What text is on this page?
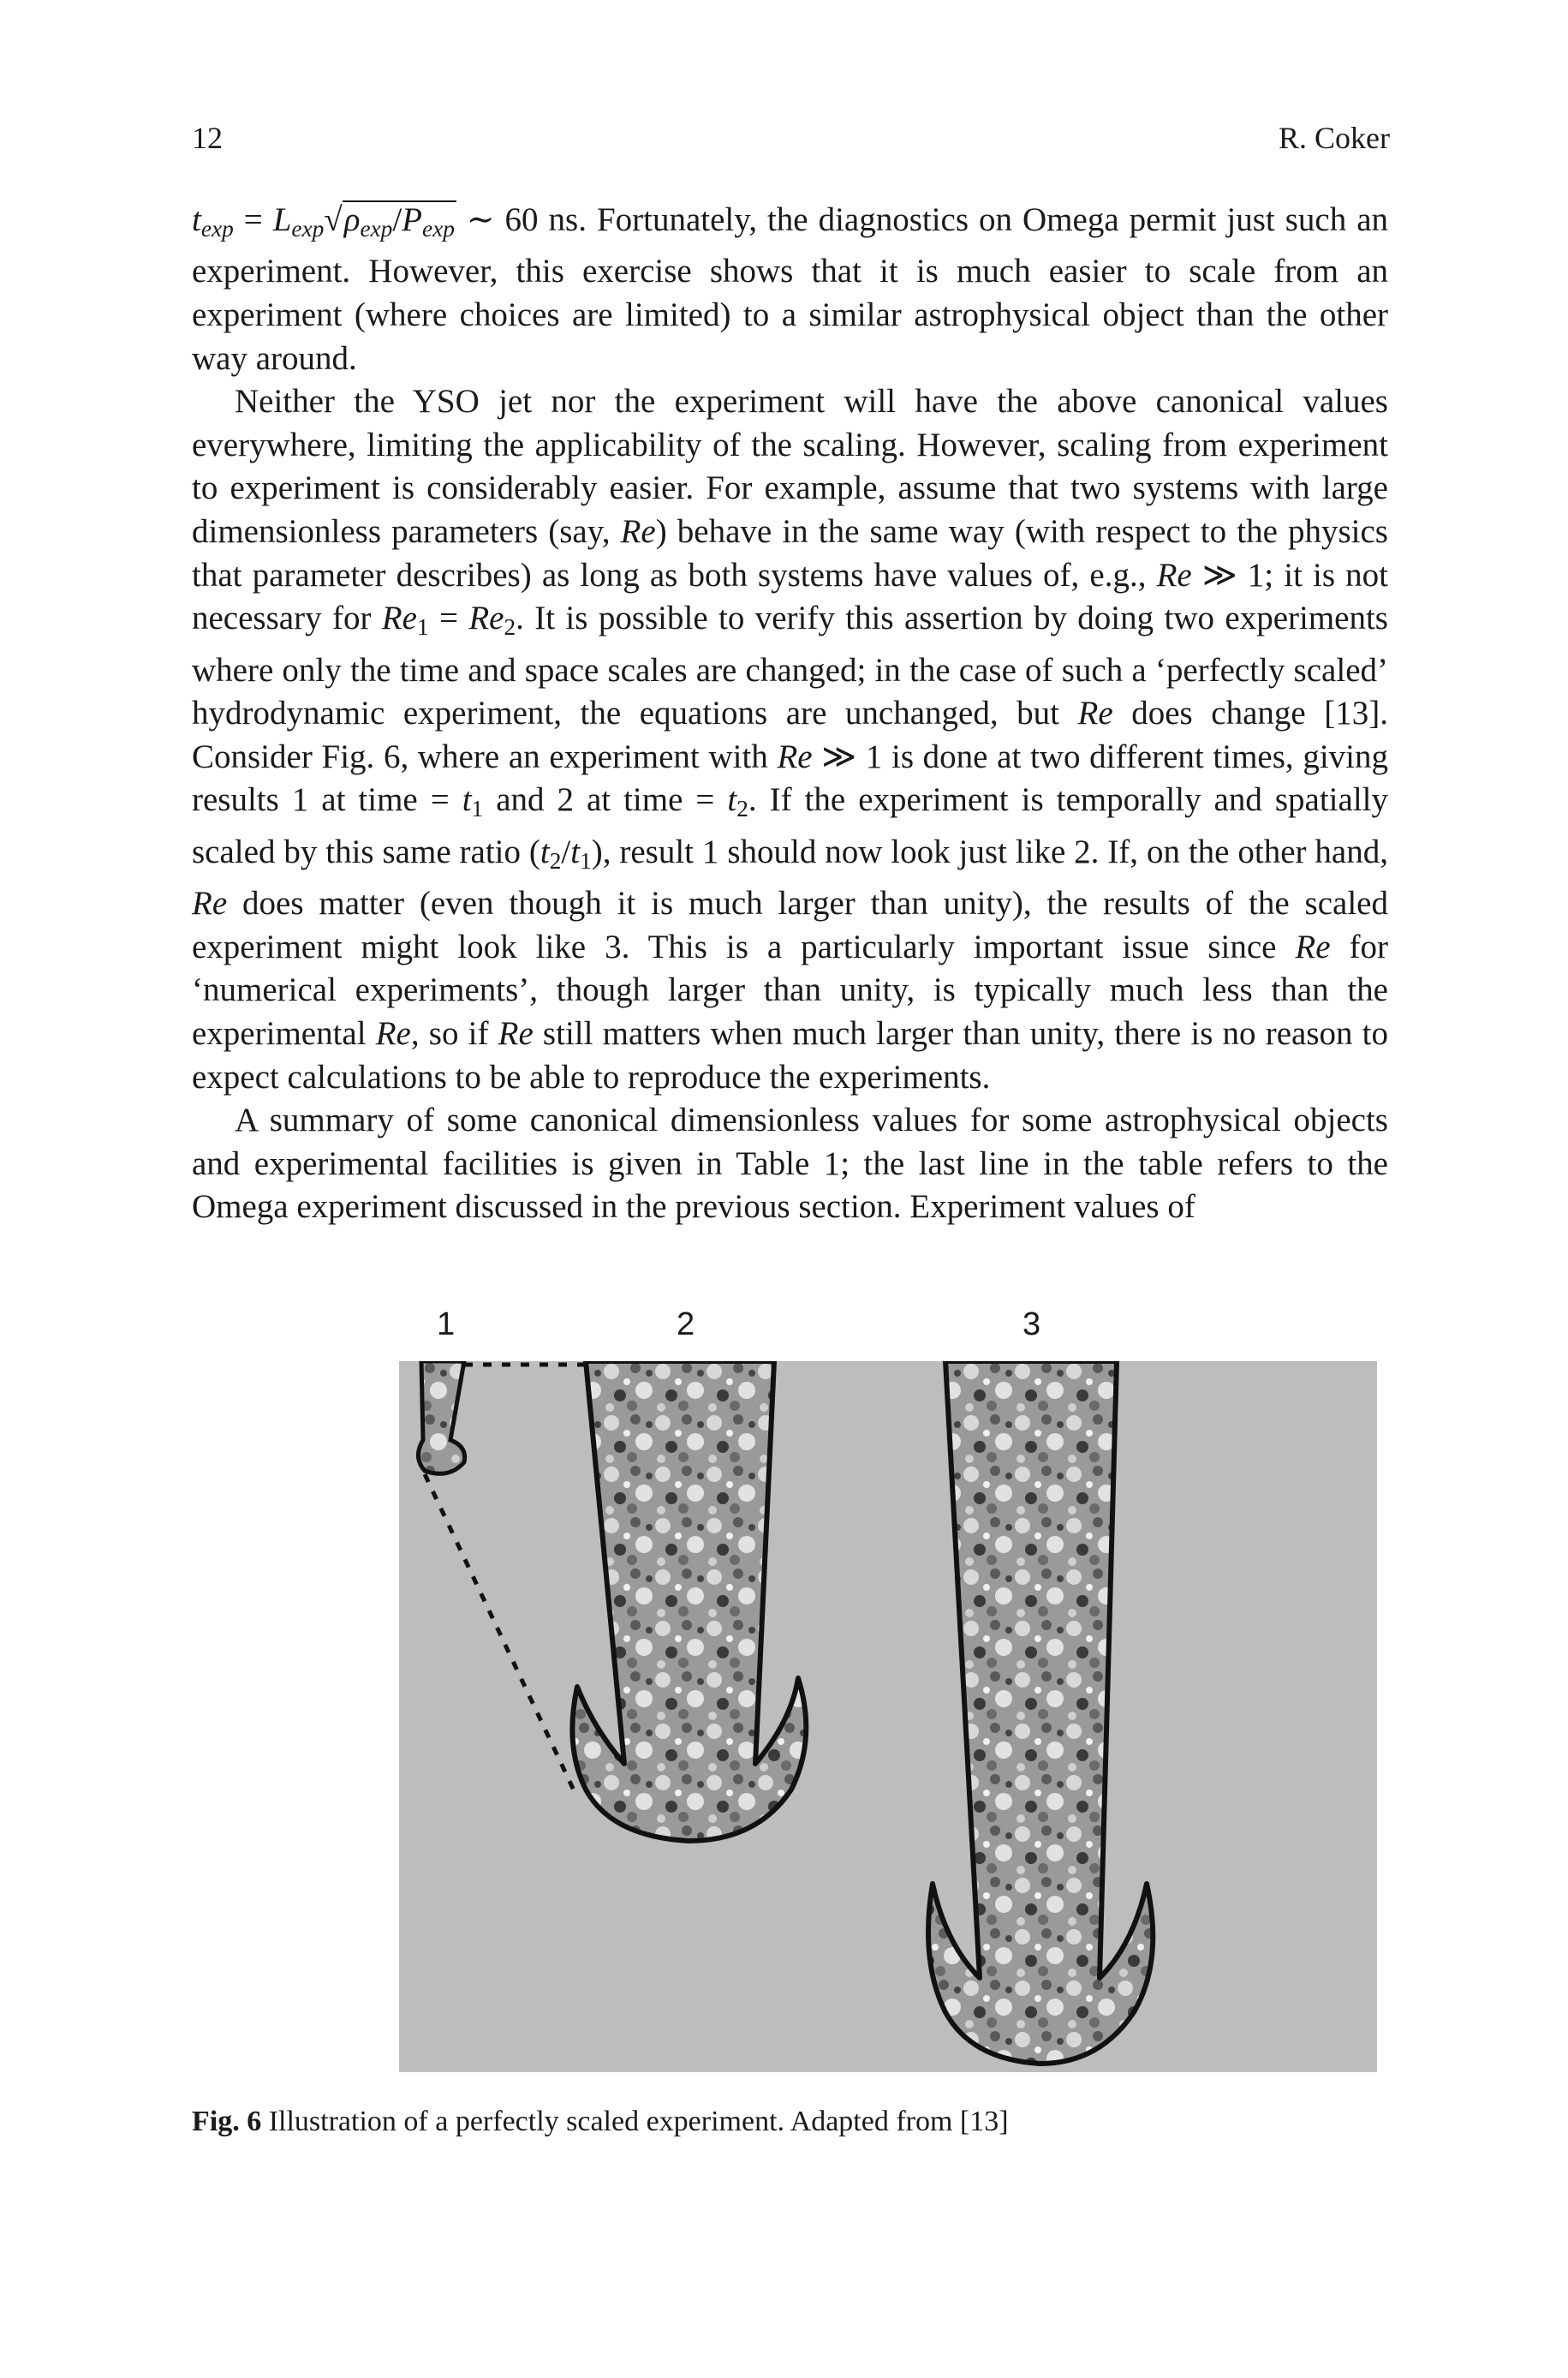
12	R. Coker

$t_{exp} = L_{exp}√\rho_{exp}/P_{exp}$ ∼ 60 ns. Fortunately, the diagnostics on Omega permit just such an experiment. However, this exercise shows that it is much easier to scale from an experiment (where choices are limited) to a similar astrophysical object than the other way around.

Neither the YSO jet nor the experiment will have the above canonical values everywhere, limiting the applicability of the scaling. However, scaling from experiment to experiment is considerably easier. For example, assume that two systems with large dimensionless parameters (say, Re) behave in the same way (with respect to the physics that parameter describes) as long as both systems have values of, e.g., Re ≫ 1; it is not necessary for Re1 = Re2. It is possible to verify this assertion by doing two experiments where only the time and space scales are changed; in the case of such a ‘perfectly scaled’ hydrodynamic experiment, the equations are unchanged, but Re does change [13]. Consider Fig. 6, where an experiment with Re ≫ 1 is done at two different times, giving results 1 at time = t1 and 2 at time = t2. If the experiment is temporally and spatially scaled by this same ratio (t2/t1), result 1 should now look just like 2. If, on the other hand, Re does matter (even though it is much larger than unity), the results of the scaled experiment might look like 3. This is a particularly important issue since Re for ‘numerical experiments’, though larger than unity, is typically much less than the experimental Re, so if Re still matters when much larger than unity, there is no reason to expect calculations to be able to reproduce the experiments.

A summary of some canonical dimensionless values for some astrophysical objects and experimental facilities is given in Table 1; the last line in the table refers to the Omega experiment discussed in the previous section. Experiment values of

1	2	3
Fig. 6 Illustration of a perfectly scaled experiment. Adapted from [13]
